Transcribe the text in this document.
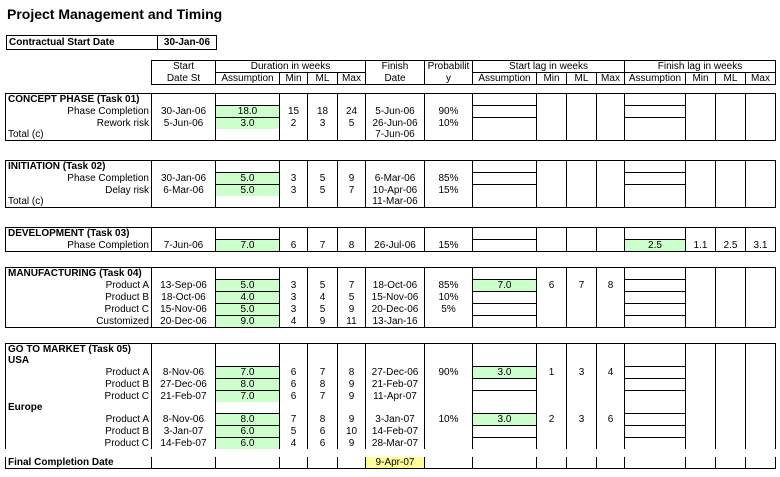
Project Management and Timing
Contractual Start Date	30-Jan-06
	Start	Duration in weeks				Finish	Probabilit	Start lag in weeks				Finish lag in weeks			
	Date St	Assumption	Min	ML	Max	Date	y	Assumption	Min	ML	Max	Assumption	Min	ML	Max

CONCEPT PHASE (Task 01)															
Phase Completion	30-Jan-06	18.0	15	18	24	5-Jun-06	90%								
Rework risk	5-Jun-06	3.0	2	3	5	26-Jun-06	10%								
Total (c)						7-Jun-06									

INITIATION (Task 02)															
Phase Completion	30-Jan-06	5.0	3	5	9	6-Mar-06	85%								
Delay risk	6-Mar-06	5.0	3	5	7	10-Apr-06	15%								
Total (c)						11-Mar-06									

DEVELOPMENT (Task 03)															
Phase Completion	7-Jun-06	7.0	6	7	8	26-Jul-06	15%					2.5	1.1	2.5	3.1

MANUFACTURING (Task 04)															
Product A	13-Sep-06	5.0	3	5	7	18-Oct-06	85%	7.0	6	7	8				
Product B	18-Oct-06	4.0	3	4	5	15-Nov-06	10%								
Product C	15-Nov-06	5.0	3	5	9	20-Dec-06	5%								
Customized	20-Dec-06	9.0	4	9	11	13-Jan-16									

GO TO MARKET (Task 05)															
USA															
Product A	8-Nov-06	7.0	6	7	8	27-Dec-06	90%	3.0	1	3	4				
Product B	27-Dec-06	8.0	6	8	9	21-Feb-07									
Product C	21-Feb-07	7.0	6	7	9	11-Apr-07									
Europe															
Product A	8-Nov-06	8.0	7	8	9	3-Jan-07	10%	3.0	2	3	6				
Product B	3-Jan-07	6.0	5	6	10	14-Feb-07									
Product C	14-Feb-07	6.0	4	6	9	28-Mar-07									

Final Completion Date						9-Apr-07									
